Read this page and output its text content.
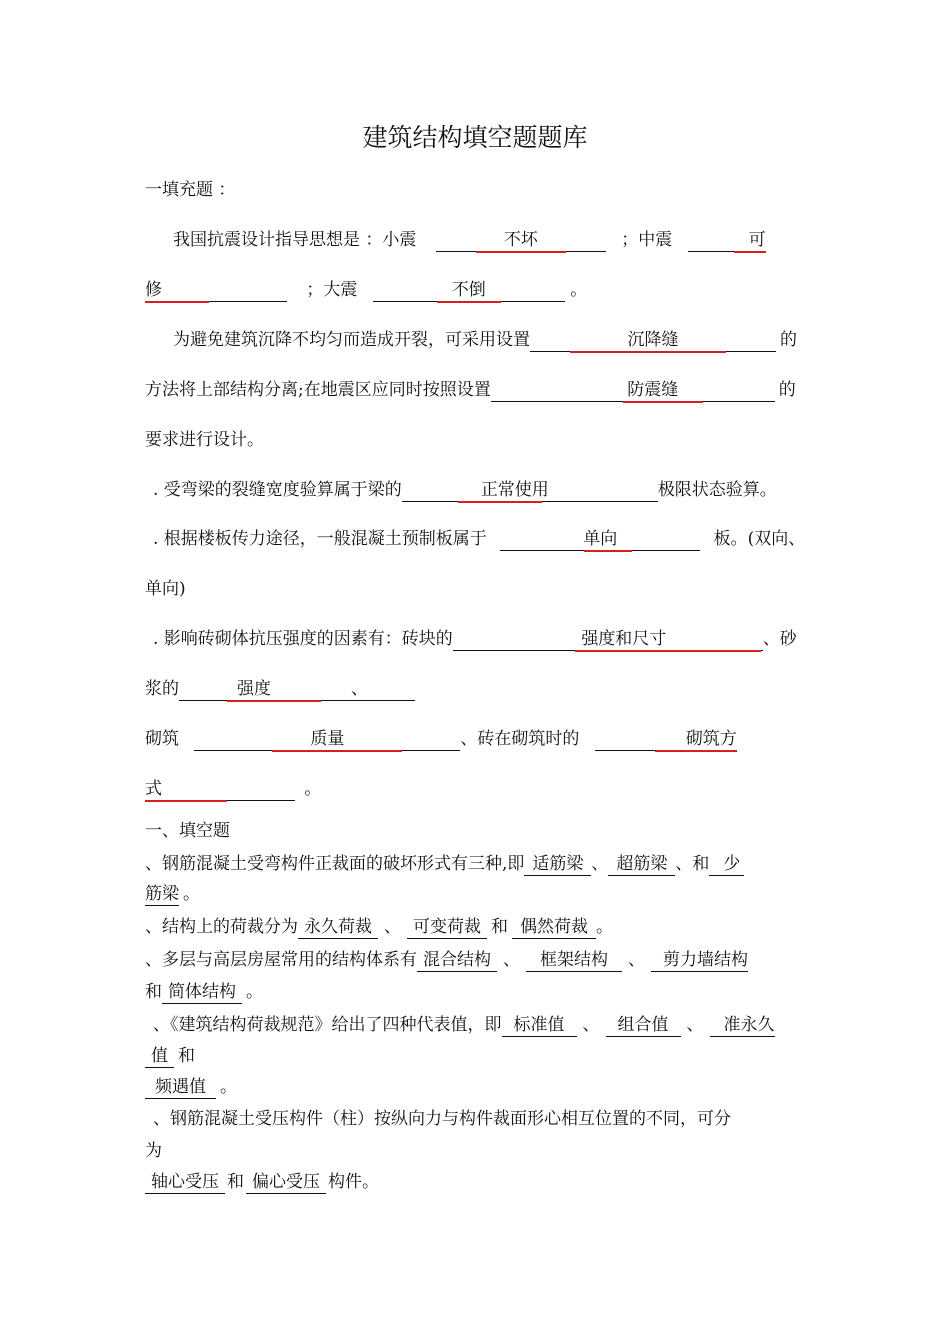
建筑结构填空题题库
一填充题 ：
我国抗震设计指导思想是 ：小震	不坏	；中震	可
修	；大震	不倒	。
为避免建筑沉降不均匀而造成开裂，可采用设置	沉降缝	的
方法将上部结构分离;在地震区应同时按照设置	防震缝	的
要求进行设计。
. 受弯梁的裂缝宽度验算属于梁的	正常使用	极限状态验算。
. 根据楼板传力途径，一般混凝土预制板属于	单向	板。(双向、
单向)
. 影响砖砌体抗压强度的因素有：砖块的	强度和尺寸	、砂
浆的	强度	、
砌筑	质量	、砖在砌筑时的	砌筑方
式	。
一、填空题
、钢筋混凝土受弯构件正裁面的破坏形式有三种,即 适筋梁 、 超筋梁 、和 少
筋梁 。
、结构上的荷裁分为 永久荷裁 、 可变荷裁 和 偶然荷裁 。
、多层与高层房屋常用的结构体系有 混合结构 、 框架结构 、 剪力墙结构
和 简体结构 。
、《建筑结构荷裁规范》给出了四种代表值，即 标准值 、 组合值 、 准永久
值 和
频遇值 。
、钢筋混凝土受压构件（柱）按纵向力与构件裁面形心相互位置的不同，可分
为
轴心受压 和 偏心受压 构件。
